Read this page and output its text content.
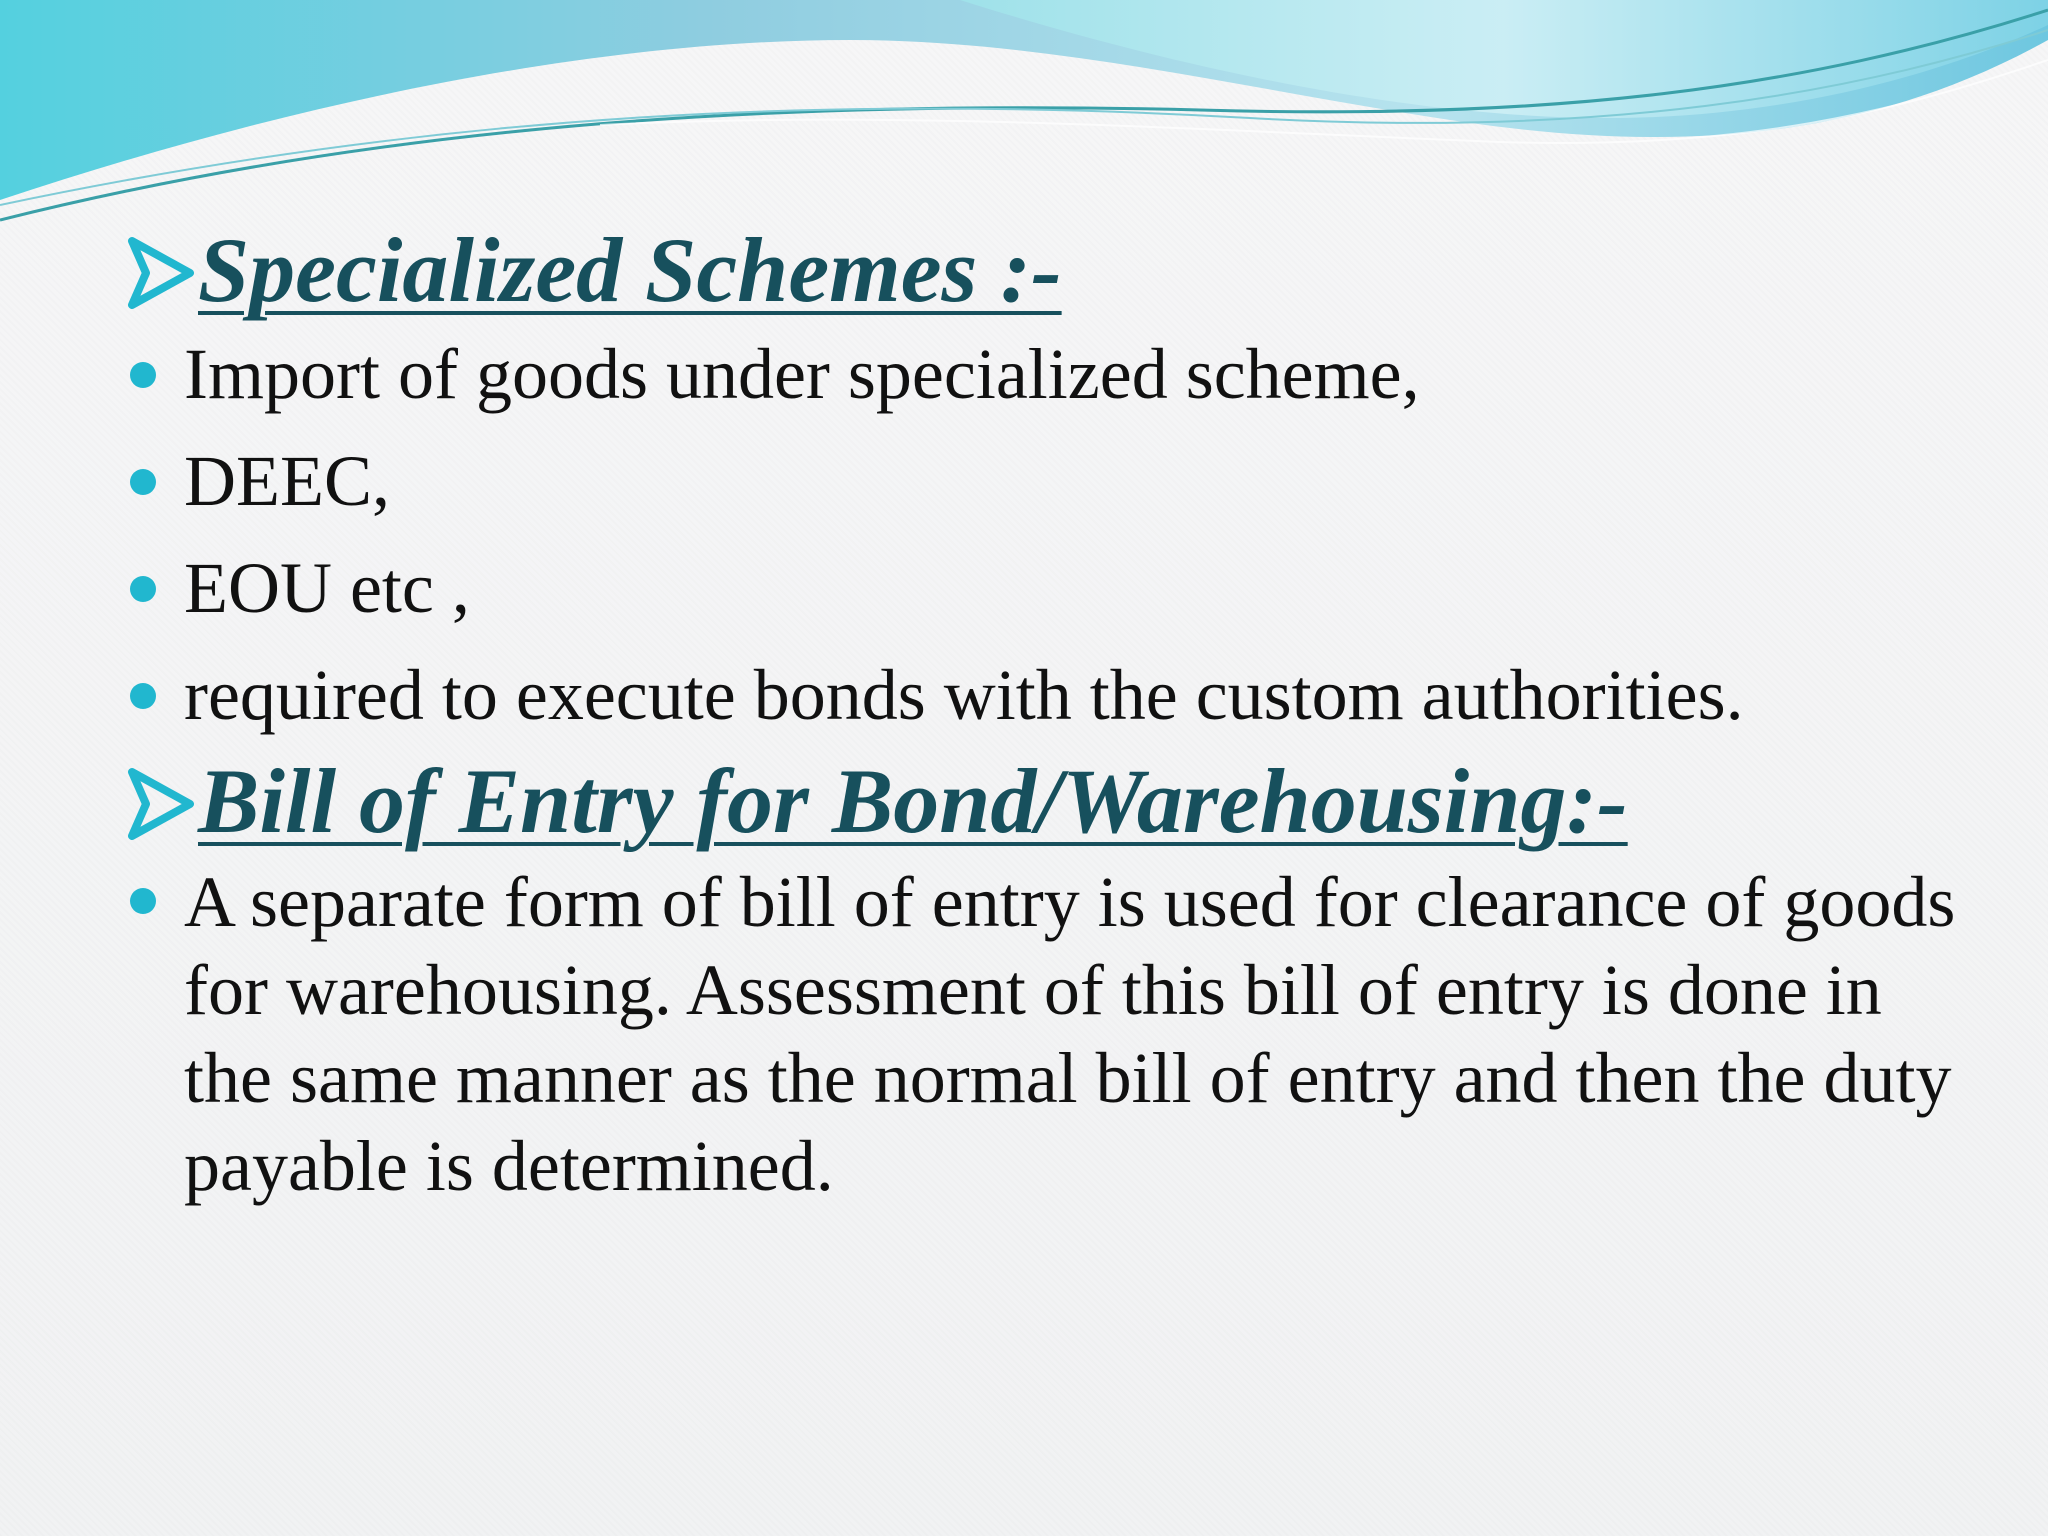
Specialized Schemes :-
Import of goods under specialized scheme,
DEEC,
EOU etc ,
required to execute bonds with the custom authorities.
Bill of Entry for Bond/Warehousing:-
A separate form of bill of entry is used for clearance of goods for warehousing. Assessment of this bill of entry is done in the same manner as the normal bill of entry and then the duty payable is determined.
